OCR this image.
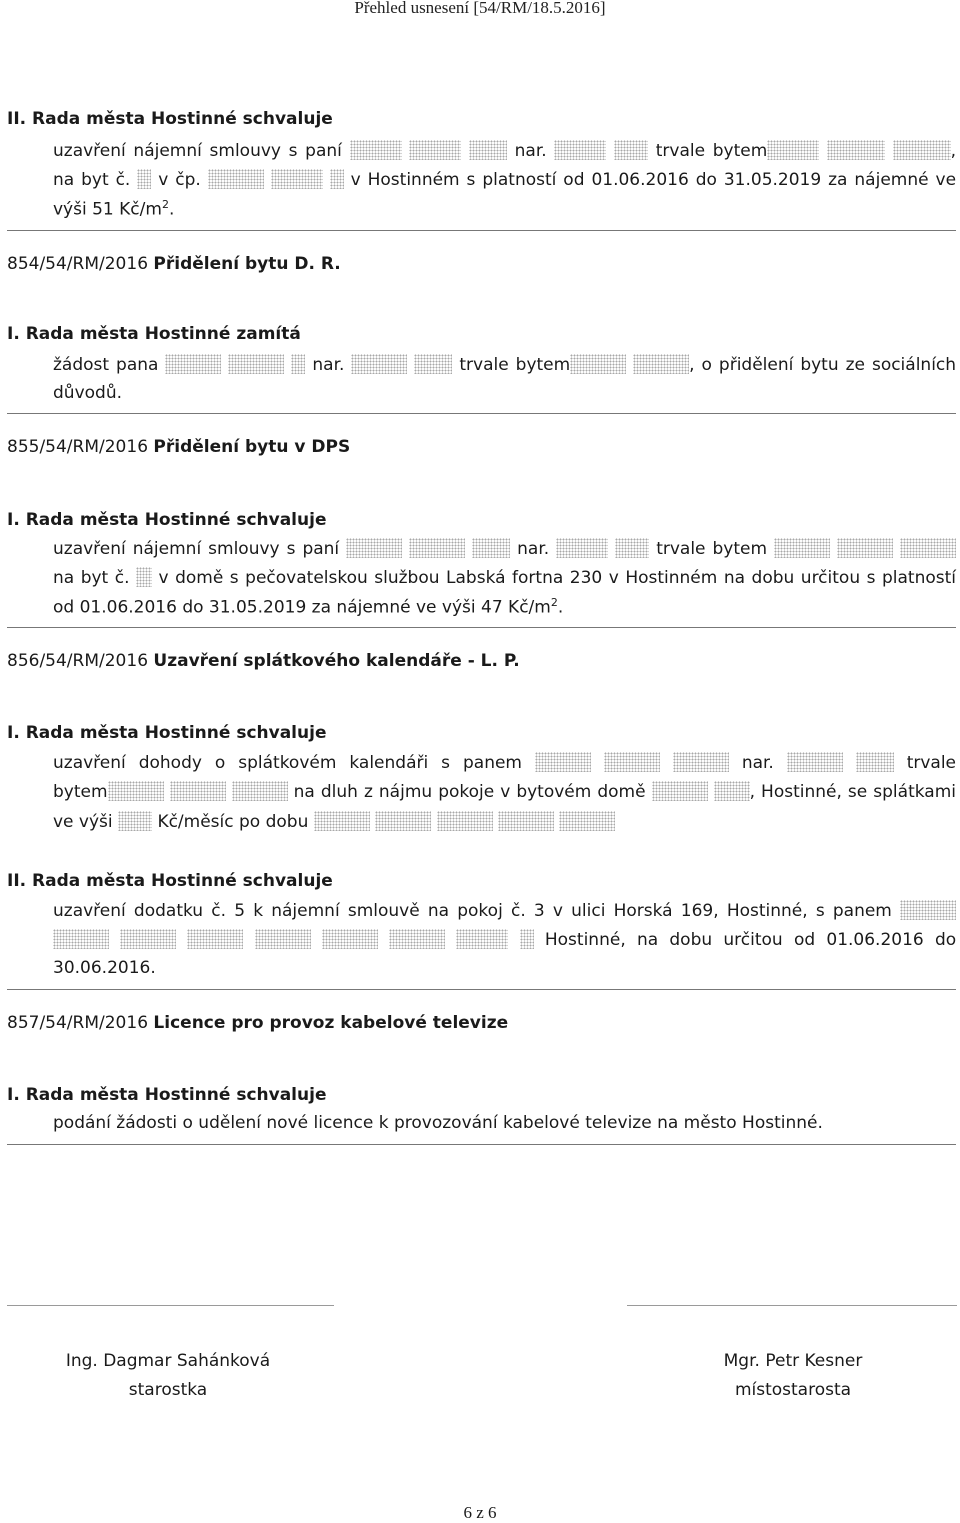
Přehled usnesení [54/RM/18.5.2016]
II. Rada města Hostinné schvaluje
uzavření nájemní smlouvy s paní	nar.	trvale bytem	,
na byt č. v čp.	v Hostinném s platností od 01.06.2016 do 31.05.2019 za nájemné ve
výši 51 $Kč/m^2$.
854/54/RM/2016 Přidělení bytu D. R.
I. Rada města Hostinné zamítá
žádost pana	nar.	trvale bytem	, o přidělení bytu ze sociálních
důvodů.
855/54/RM/2016 Přidělení bytu v DPS
I. Rada města Hostinné schvaluje
uzavření nájemní smlouvy s paní	nar.	trvale bytem
na byt č. v domě s pečovatelskou službou Labská fortna 230 v Hostinném na dobu určitou s platností
od 01.06.2016 do 31.05.2019 za nájemné ve výši 47 $Kč/m^2$.
856/54/RM/2016 Uzavření splátkového kalendáře - L. P.
I. Rada města Hostinné schvaluje
uzavření dohody o splátkovém kalendáři s panem	nar.	trvale
bytem	na dluh z nájmu pokoje v bytovém domě	, Hostinné, se splátkami
ve výši	Kč/měsíc po dobu
II. Rada města Hostinné schvaluje
uzavření dodatku č. 5 k nájemní smlouvě na pokoj č. 3 v ulici Horská 169, Hostinné, s panem
Hostinné, na dobu určitou od 01.06.2016 do
30.06.2016.
857/54/RM/2016 Licence pro provoz kabelové televize
I. Rada města Hostinné schvaluje
podání žádosti o udělení nové licence k provozování kabelové televize na město Hostinné.
Ing. Dagmar Sahánková
starostka
Mgr. Petr Kesner
místostarosta
6 z 6
